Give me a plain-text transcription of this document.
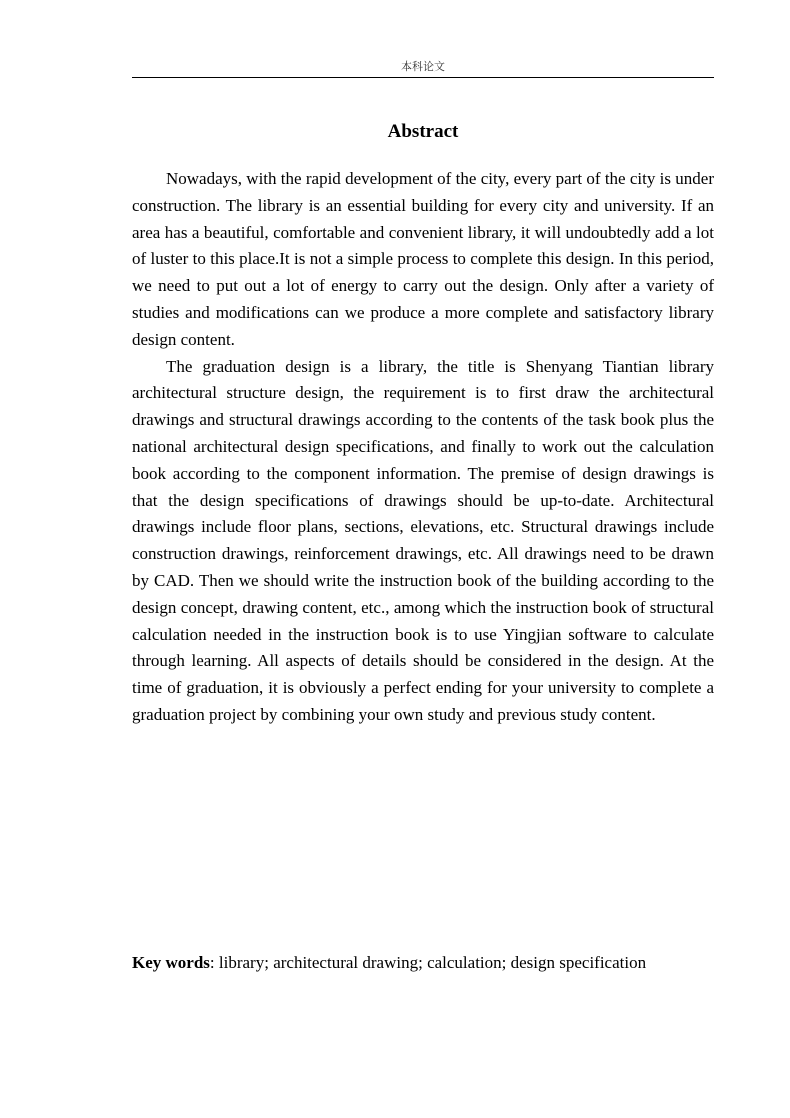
本科论文
Abstract

Nowadays, with the rapid development of the city, every part of the city is under construction. The library is an essential building for every city and university. If an area has a beautiful, comfortable and convenient library, it will undoubtedly add a lot of luster to this place.It is not a simple process to complete this design. In this period, we need to put out a lot of energy to carry out the design. Only after a variety of studies and modifications can we produce a more complete and satisfactory library design content.

The graduation design is a library, the title is Shenyang Tiantian library architectural structure design, the requirement is to first draw the architectural drawings and structural drawings according to the contents of the task book plus the national architectural design specifications, and finally to work out the calculation book according to the component information. The premise of design drawings is that the design specifications of drawings should be up-to-date. Architectural drawings include floor plans, sections, elevations, etc. Structural drawings include construction drawings, reinforcement drawings, etc. All drawings need to be drawn by CAD. Then we should write the instruction book of the building according to the design concept, drawing content, etc., among which the instruction book of structural calculation needed in the instruction book is to use Yingjian software to calculate through learning. All aspects of details should be considered in the design. At the time of graduation, it is obviously a perfect ending for your university to complete a graduation project by combining your own study and previous study content.

Key words: library; architectural drawing; calculation; design specification
